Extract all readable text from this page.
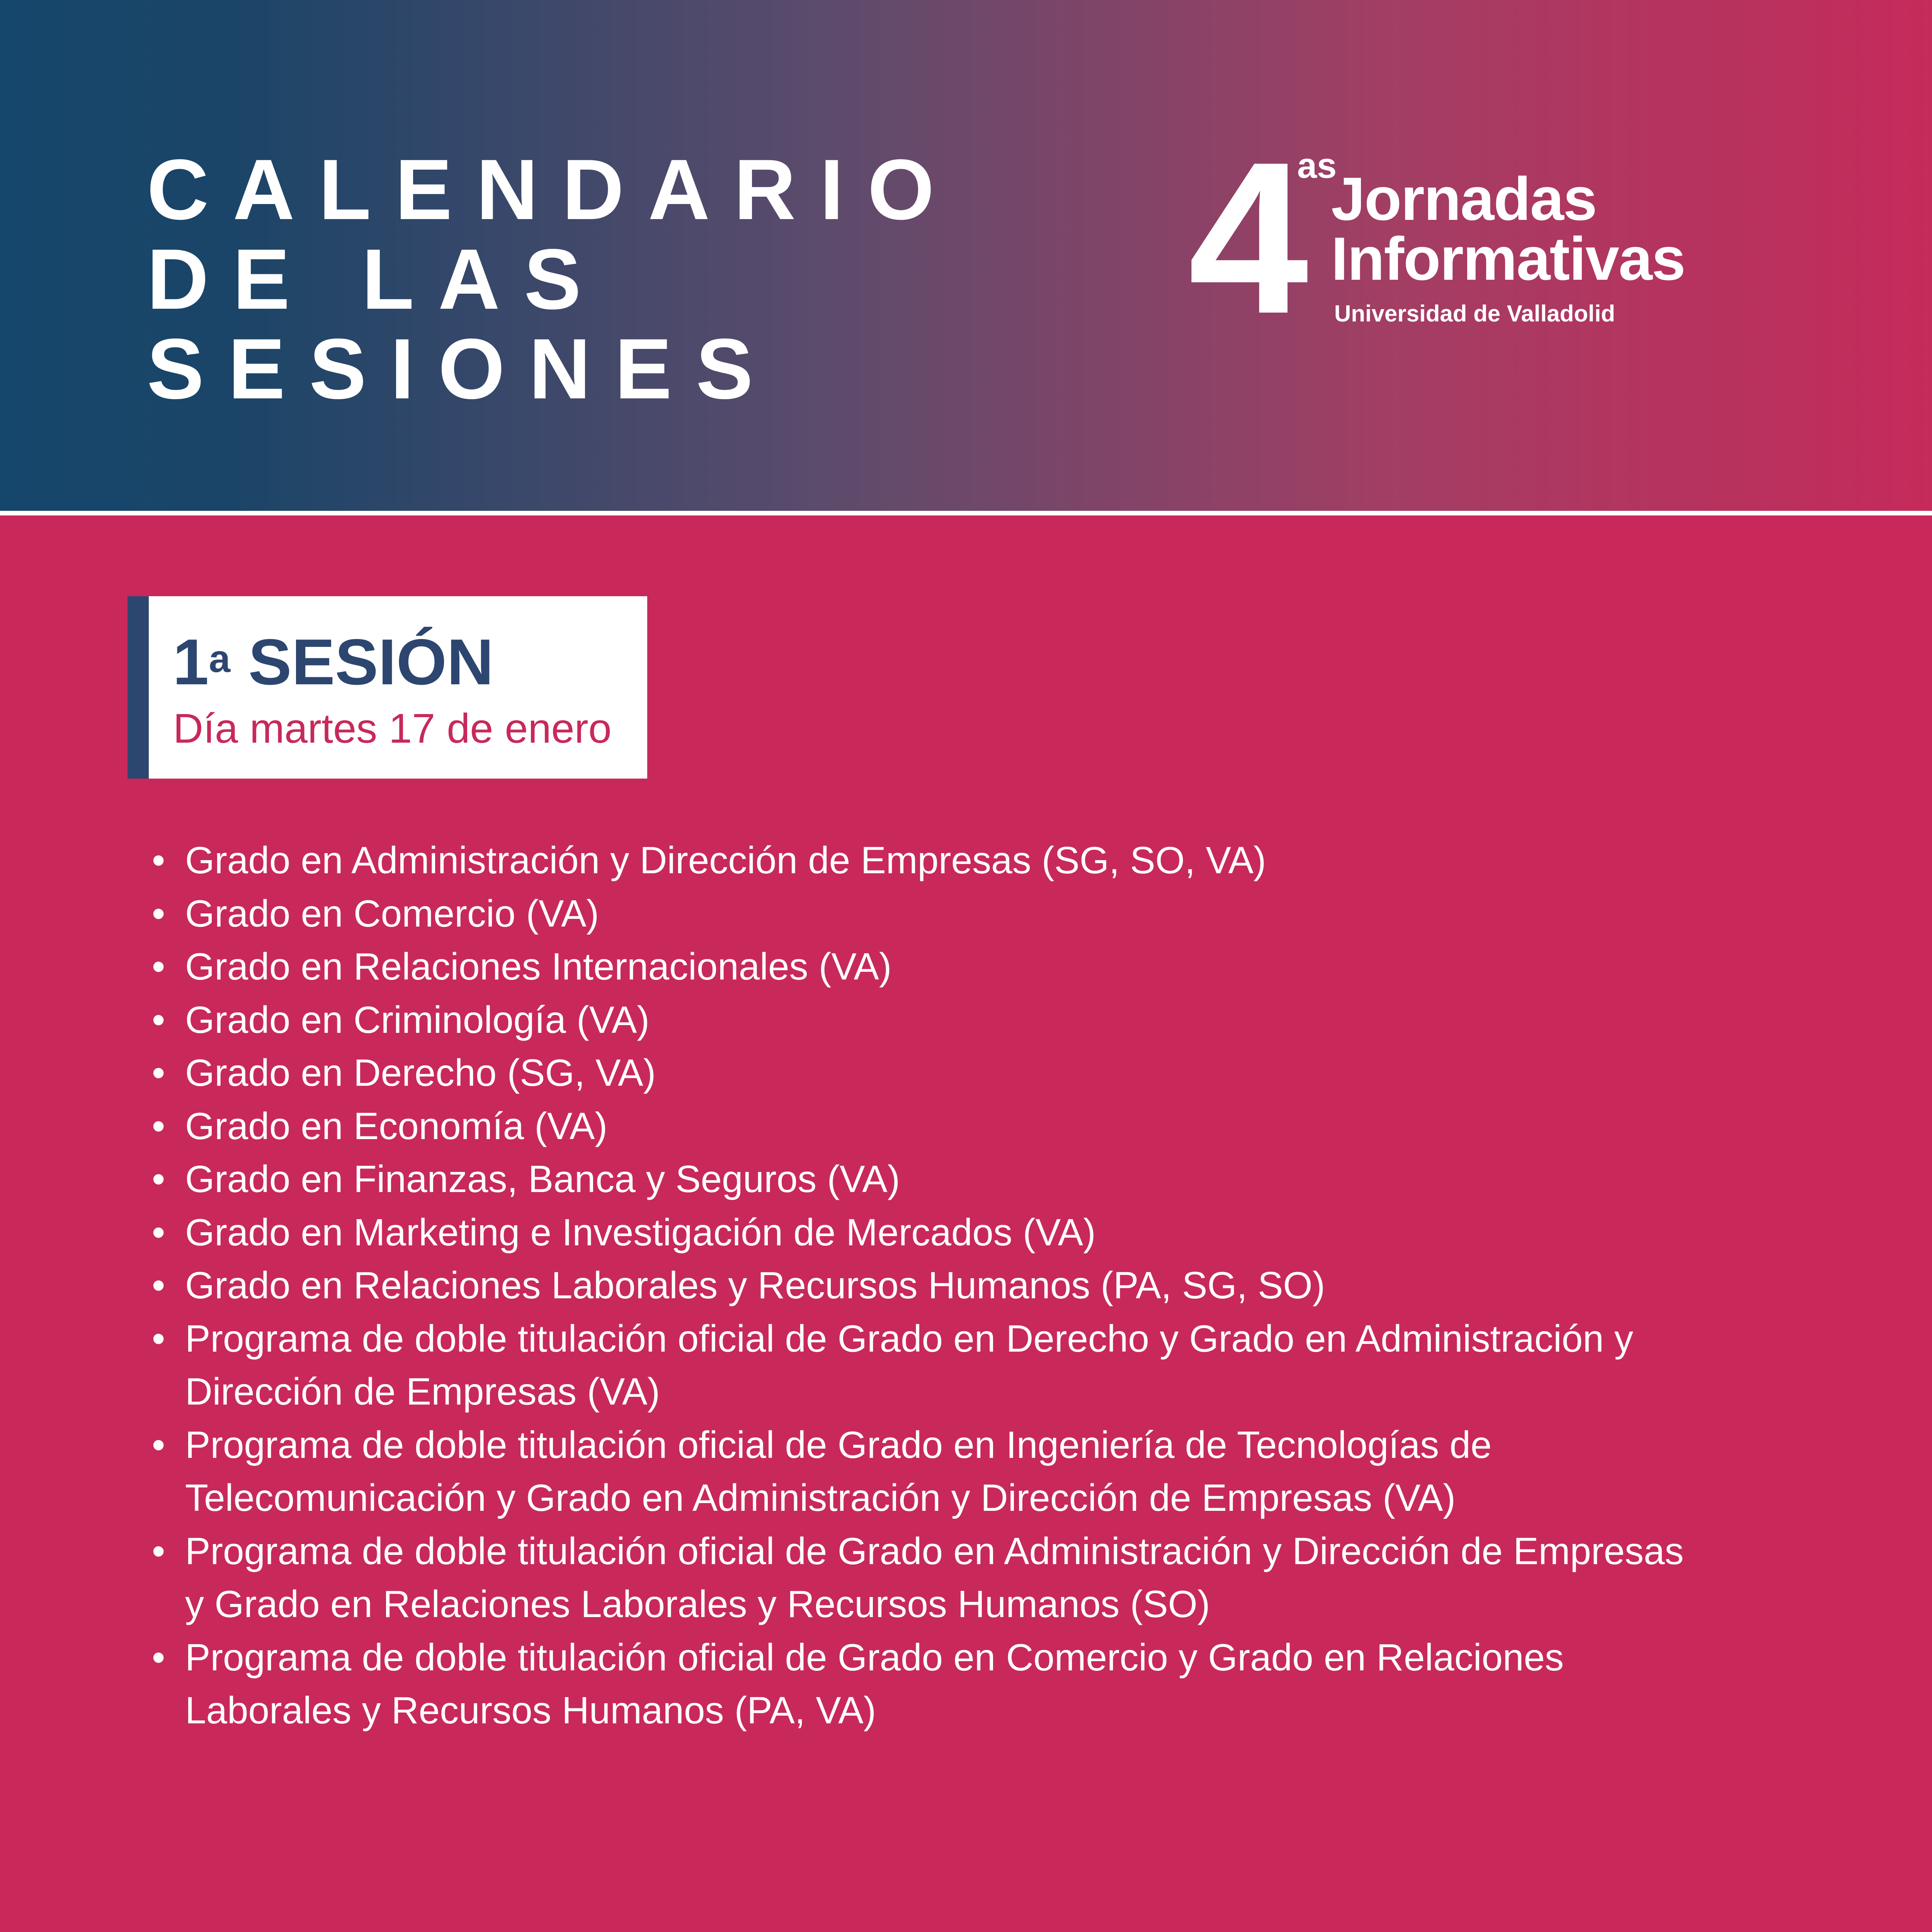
CALENDARIO
DE LAS
SESIONES
4
as
Jornadas
Informativas
Universidad de Valladolid
1$^a$ SESIÓN
Día martes 17 de enero
• Grado en Administración y Dirección de Empresas (SG, SO, VA)
• Grado en Comercio (VA)
• Grado en Relaciones Internacionales (VA)
• Grado en Criminología (VA)
• Grado en Derecho (SG, VA)
• Grado en Economía (VA)
• Grado en Finanzas, Banca y Seguros (VA)
• Grado en Marketing e Investigación de Mercados (VA)
• Grado en Relaciones Laborales y Recursos Humanos (PA, SG, SO)
• Programa de doble titulación oficial de Grado en Derecho y Grado en Administración y
Dirección de Empresas (VA)
• Programa de doble titulación oficial de Grado en Ingeniería de Tecnologías de
Telecomunicación y Grado en Administración y Dirección de Empresas (VA)
• Programa de doble titulación oficial de Grado en Administración y Dirección de Empresas
y Grado en Relaciones Laborales y Recursos Humanos (SO)
• Programa de doble titulación oficial de Grado en Comercio y Grado en Relaciones
Laborales y Recursos Humanos (PA, VA)
